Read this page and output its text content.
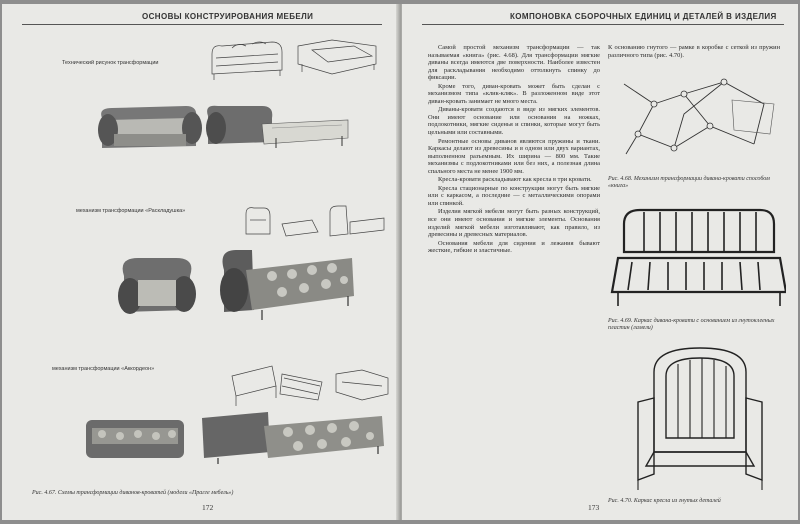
ОСНОВЫ КОНСТРУИРОВАНИЯ МЕБЕЛИ
Технический рисунок трансформации
механизм трансформации «Раскладушка»
механизм трансформации «Аккордеон»
Рис. 4.67. Схемы трансформации диванов-кроватей (модели «Прагге мебель»)
172
КОМПОНОВКА СБОРОЧНЫХ ЕДИНИЦ И ДЕТАЛЕЙ В ИЗДЕЛИЯ

Самой простой механизм трансформации — так называемая «книга» (рис. 4.68). Для трансформации мягкие диваны всегда имеются две поверхности. Наиболее известен для раскладывания необходимо оттолкнуть спинку до фиксации.

Кроме того, диван-кровать может быть сделан с механизмом типа «клик-кляк». В разложенном виде этот диван-кровать занимает не много места.

Диваны-кровати создаются в виде из мягких элементов. Они имеют основание или основания на ножках, подлокотники, мягкие сиденья и спинки, которые могут быть цельными или составными.

Ремонтные основы диванов являются пружины и ткани. Каркасы делают из древесины и в одном или двух вариантах, выполненном разъемным. Их ширина — 800 мм. Такие механизмы с подлокотниками или без них, а полезная длина спального места не менее 1900 мм.

Кресла-кровати раскладывают как кресла в три кровати.

Кресла стационарные по конструкции могут быть мягкие или с каркасом, а последние — с металлическими опорами или спинкой.

Изделия мягкой мебели могут быть разных конструкций, все они имеют основания и мягкие элементы. Основания изделий мягкой мебели изготавливают, как правило, из древесины и древесных материалов.

Основания мебели для сидения и лежания бывают жесткие, гибкие и эластичные.

К основанию гнутого — рамке в коробке с сеткой из пружин различного типа (рис. 4.70).
Рис. 4.68. Механизм трансформации дивана-кровати способом «книга»
Рис. 4.69. Каркас дивана-кровати с основанием из гнутоклееных пластин (ламели)
Рис. 4.70. Каркас кресла из гнутых деталей
173
